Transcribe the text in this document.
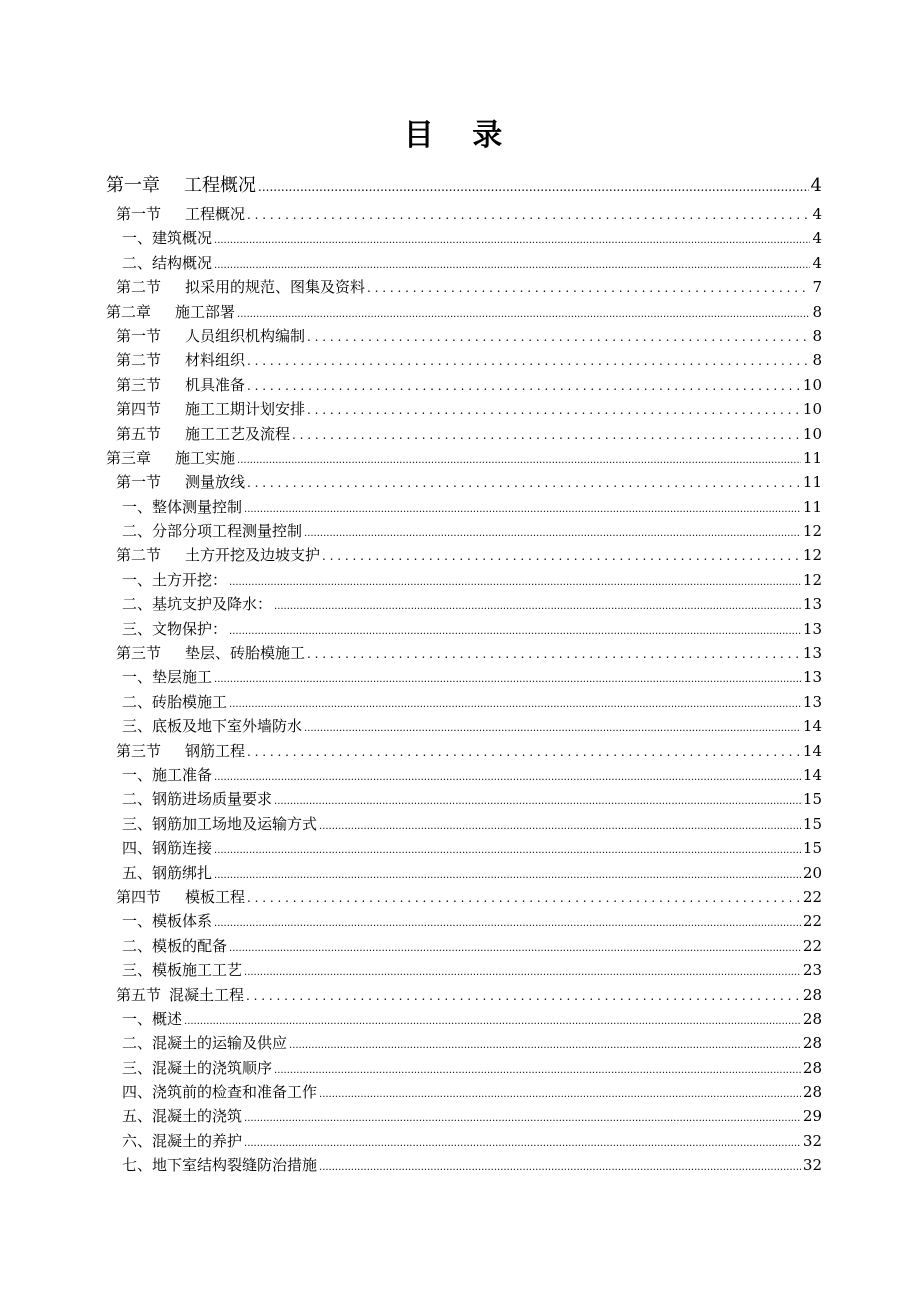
目 录
第一章	工程概况 .....	4
第一节	工程概况 . . .	4
一、建筑概况 .....	4
二、结构概况 .....	4
第二节	拟采用的规范、图集及资料 . . .	7
第二章	施工部署 .....	8
第一节	人员组织机构编制 . . .	8
第二节	材料组织 . . .	8
第三节	机具准备 . . .	10
第四节	施工工期计划安排 . . .	10
第五节	施工工艺及流程 . . .	10
第三章	施工实施 .....	11
第一节	测量放线 . . .	11
一、整体测量控制 .....	11
二、分部分项工程测量控制 .....	12
第二节	土方开挖及边坡支护 . . .	12
一、土方开挖： .....	12
二、基坑支护及降水： .....	13
三、文物保护： .....	13
第三节	垫层、砖胎模施工 . . .	13
一、垫层施工 .....	13
二、砖胎模施工 .....	13
三、底板及地下室外墙防水 .....	14
第三节	钢筋工程 . . .	14
一、施工准备 .....	14
二、钢筋进场质量要求 .....	15
三、钢筋加工场地及运输方式 .....	15
四、钢筋连接 .....	15
五、钢筋绑扎 .....	20
第四节	模板工程 . . .	22
一、模板体系 .....	22
二、模板的配备 .....	22
三、模板施工工艺 .....	23
第五节 混凝土工程 . . .	28
一、概述 .....	28
二、混凝土的运输及供应 .....	28
三、混凝土的浇筑顺序 .....	28
四、浇筑前的检查和准备工作 .....	28
五、混凝土的浇筑 .....	29
六、混凝土的养护 .....	32
七、地下室结构裂缝防治措施 .....	32
